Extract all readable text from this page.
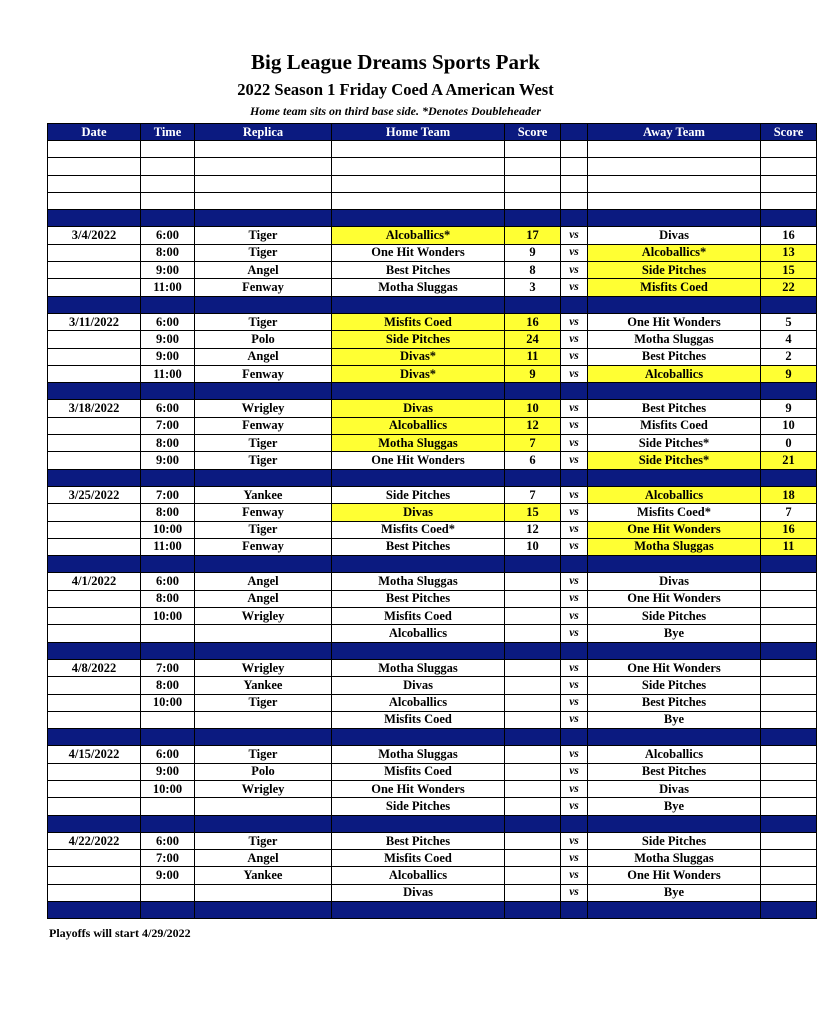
Big League Dreams Sports Park
2022 Season 1 Friday Coed A American West
Home team sits on third base side. *Denotes Doubleheader
Date	Time	Replica	Home Team	Score		Away Team	Score

3/4/2022	6:00	Tiger	Alcoballics*	17	vs	Divas	16
	8:00	Tiger	One Hit Wonders	9	vs	Alcoballics*	13
	9:00	Angel	Best Pitches	8	vs	Side Pitches	15
	11:00	Fenway	Motha Sluggas	3	vs	Misfits Coed	22

3/11/2022	6:00	Tiger	Misfits Coed	16	vs	One Hit Wonders	5
	9:00	Polo	Side Pitches	24	vs	Motha Sluggas	4
	9:00	Angel	Divas*	11	vs	Best Pitches	2
	11:00	Fenway	Divas*	9	vs	Alcoballics	9

3/18/2022	6:00	Wrigley	Divas	10	vs	Best Pitches	9
	7:00	Fenway	Alcoballics	12	vs	Misfits Coed	10
	8:00	Tiger	Motha Sluggas	7	vs	Side Pitches*	0
	9:00	Tiger	One Hit Wonders	6	vs	Side Pitches*	21

3/25/2022	7:00	Yankee	Side Pitches	7	vs	Alcoballics	18
	8:00	Fenway	Divas	15	vs	Misfits Coed*	7
	10:00	Tiger	Misfits Coed*	12	vs	One Hit Wonders	16
	11:00	Fenway	Best Pitches	10	vs	Motha Sluggas	11

4/1/2022	6:00	Angel	Motha Sluggas		vs	Divas	
	8:00	Angel	Best Pitches		vs	One Hit Wonders	
	10:00	Wrigley	Misfits Coed		vs	Side Pitches	
			Alcoballics		vs	Bye	

4/8/2022	7:00	Wrigley	Motha Sluggas		vs	One Hit Wonders	
	8:00	Yankee	Divas		vs	Side Pitches	
	10:00	Tiger	Alcoballics		vs	Best Pitches	
			Misfits Coed		vs	Bye	

4/15/2022	6:00	Tiger	Motha Sluggas		vs	Alcoballics	
	9:00	Polo	Misfits Coed		vs	Best Pitches	
	10:00	Wrigley	One Hit Wonders		vs	Divas	
			Side Pitches		vs	Bye	

4/22/2022	6:00	Tiger	Best Pitches		vs	Side Pitches	
	7:00	Angel	Misfits Coed		vs	Motha Sluggas	
	9:00	Yankee	Alcoballics		vs	One Hit Wonders	
			Divas		vs	Bye	

Playoffs will start 4/29/2022
